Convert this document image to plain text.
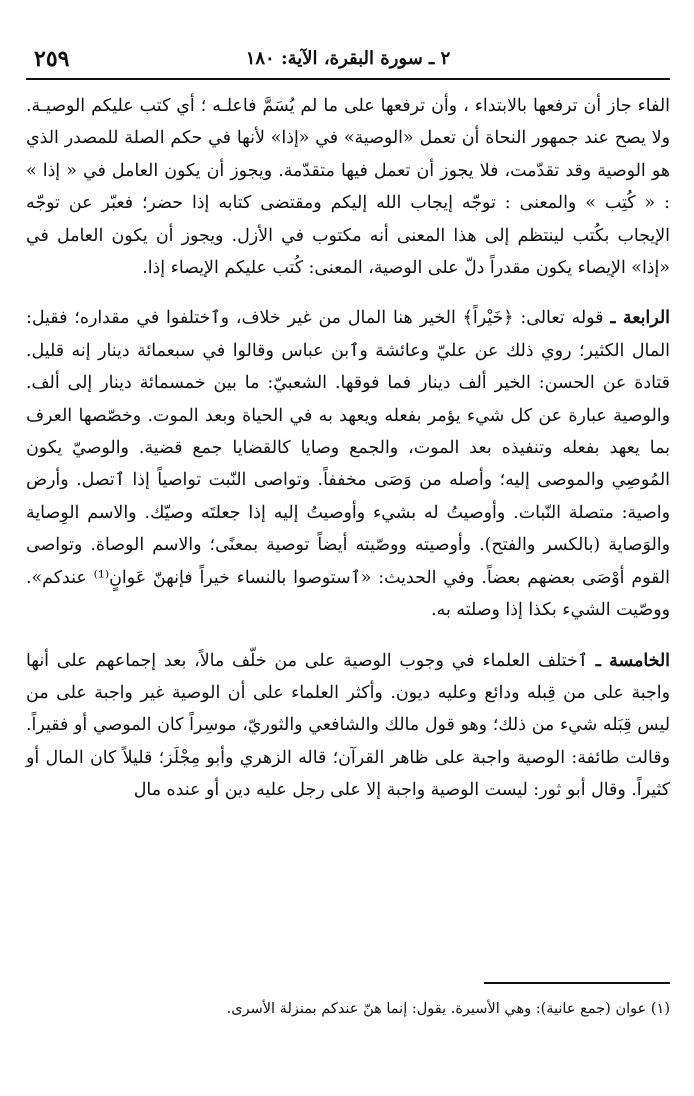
٢ ـ سورة البقرة، الآية: ١٨٠
٢٥٩

الفاء جاز أن ترفعها بالابتداء ، وأن ترفعها على ما لم يُسَمَّ فاعلـه ؛ أي كتب عليكم الوصيـة. ولا يصح عند جمهور النحاة أن تعمل «الوصية» في «إذا» لأنها في حكم الصلة للمصدر الذي هو الوصية وقد تقدّمت، فلا يجوز أن تعمل فيها متقدّمة. ويجوز أن يكون العامل في « إذا » : « كُتِب » والمعنى : توجّه إيجاب الله إليكم ومقتضى كتابه إذا حضر؛ فعبّر عن توجّه الإيجاب بكُتب لينتظم إلى هذا المعنى أنه مكتوب في الأزل. ويجوز أن يكون العامل في «إذا» الإيصاء يكون مقدراً دلّ على الوصية، المعنى: كُتب عليكم الإيصاء إذا.

الرابعة ـ قوله تعالى: ﴿خَيْراً﴾ الخير هنا المال من غير خلاف، وٱختلفوا في مقداره؛ فقيل: المال الكثير؛ روي ذلك عن عليّ وعائشة وٱبن عباس وقالوا في سبعمائة دينار إنه قليل. قتادة عن الحسن: الخير ألف دينار فما فوقها. الشعبيّ: ما بين خمسمائة دينار إلى ألف. والوصية عبارة عن كل شيء يؤمر بفعله ويعهد به في الحياة وبعد الموت. وخصّصها العرف بما يعهد بفعله وتنفيذه بعد الموت، والجمع وصايا كالقضايا جمع قضية. والوصيّ يكون المُوصِي والموصى إليه؛ وأصله من وَصَى مخففاً. وتواصى النّبت تواصياً إذا ٱتصل. وأرض واصية: متصلة النّبات. وأوصيتُ له بشيء وأوصيتُ إليه إذا جعلتَه وصيّك. والاسم الوِصاية والوَصاية (بالكسر والفتح). وأوصيته ووصّيته أيضاً توصية بمعنًى؛ والاسم الوصاة. وتواصى القوم أوْصَى بعضهم بعضاً. وفي الحديث: «ٱستوصوا بالنساء خيراً فإنهنّ عَوانٍ⁽¹⁾ عندكم». ووصّيت الشيء بكذا إذا وصلته به.

الخامسة ـ ٱختلف العلماء في وجوب الوصية على من خلّف مالاً، بعد إجماعهم على أنها واجبة على من قِبله ودائع وعليه ديون. وأكثر العلماء على أن الوصية غير واجبة على من ليس قِبَله شيء من ذلك؛ وهو قول مالك والشافعي والثوريّ، موسِراً كان الموصي أو فقيراً. وقالت طائفة: الوصية واجبة على ظاهر القرآن؛ قاله الزهري وأبو مِجْلَز؛ قليلاً كان المال أو كثيراً. وقال أبو ثور: ليست الوصية واجبة إلا على رجل عليه دين أو عنده مال

(١) عوان (جمع عانية): وهي الأسيرة. يقول: إنما هنّ عندكم بمنزلة الأسرى.
